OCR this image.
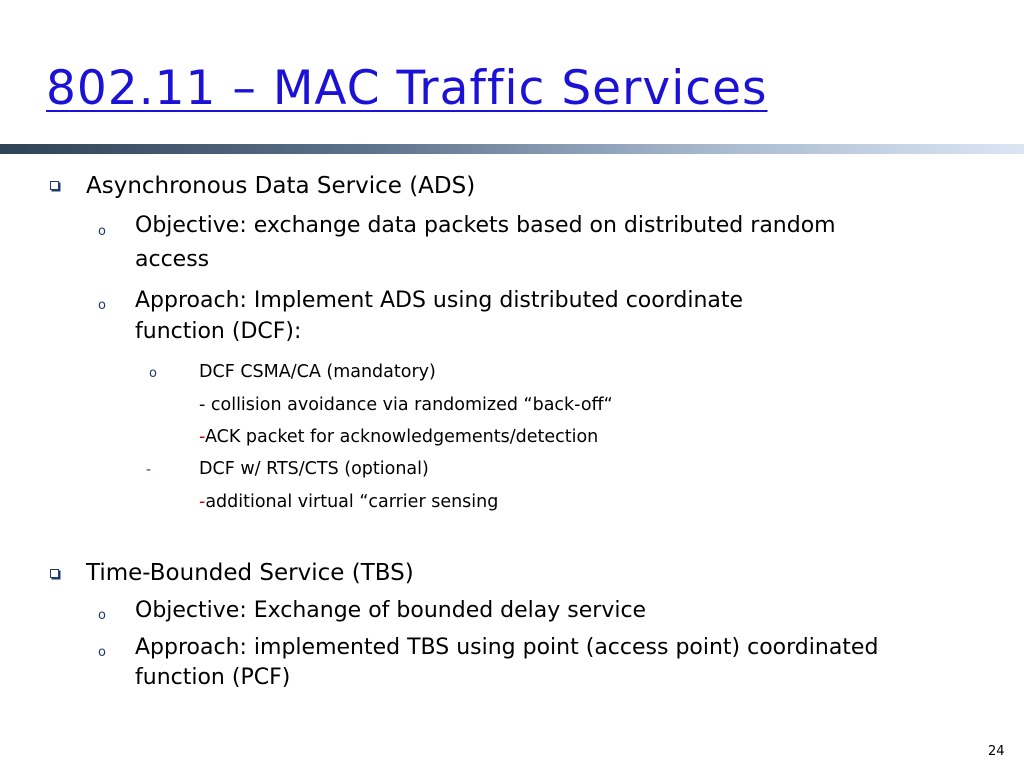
802.11 – MAC Traffic Services
Asynchronous Data Service (ADS)
o Objective: exchange data packets based on distributed random
access
o Approach: Implement ADS using distributed coordinate
function (DCF):
o DCF CSMA/CA (mandatory)
- collision avoidance via randomized “back-off“
-ACK packet for acknowledgements/detection
-	DCF w/ RTS/CTS (optional)
-additional virtual “carrier sensing
Time-Bounded Service (TBS)
o Objective: Exchange of bounded delay service
o Approach: implemented TBS using point (access point) coordinated
function (PCF)
24
